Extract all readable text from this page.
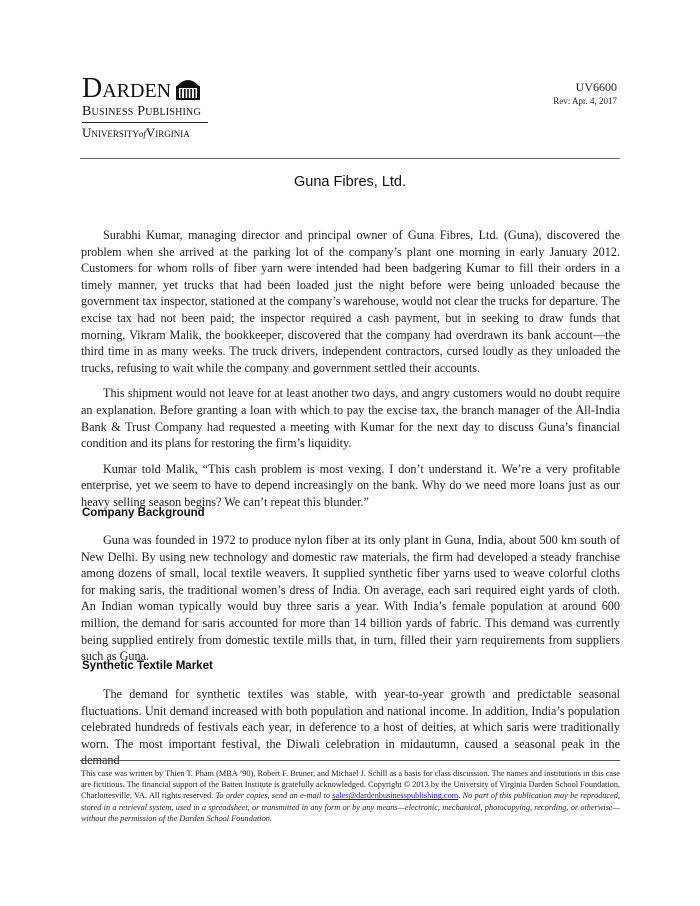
Darden
Business Publishing
UniversityofVirginia
UV6600
Rev: Apr. 4, 2017
Guna Fibres, Ltd.

Surabhi Kumar, managing director and principal owner of Guna Fibres, Ltd. (Guna), discovered the problem when she arrived at the parking lot of the company’s plant one morning in early January 2012. Customers for whom rolls of fiber yarn were intended had been badgering Kumar to fill their orders in a timely manner, yet trucks that had been loaded just the night before were being unloaded because the government tax inspector, stationed at the company’s warehouse, would not clear the trucks for departure. The excise tax had not been paid; the inspector required a cash payment, but in seeking to draw funds that morning, Vikram Malik, the bookkeeper, discovered that the company had overdrawn its bank account—the third time in as many weeks. The truck drivers, independent contractors, cursed loudly as they unloaded the trucks, refusing to wait while the company and government settled their accounts.

This shipment would not leave for at least another two days, and angry customers would no doubt require an explanation. Before granting a loan with which to pay the excise tax, the branch manager of the All-India Bank & Trust Company had requested a meeting with Kumar for the next day to discuss Guna’s financial condition and its plans for restoring the firm’s liquidity.

Kumar told Malik, “This cash problem is most vexing. I don’t understand it. We’re a very profitable enterprise, yet we seem to have to depend increasingly on the bank. Why do we need more loans just as our heavy selling season begins? We can’t repeat this blunder.”

Company Background

Guna was founded in 1972 to produce nylon fiber at its only plant in Guna, India, about 500 km south of New Delhi. By using new technology and domestic raw materials, the firm had developed a steady franchise among dozens of small, local textile weavers. It supplied synthetic fiber yarns used to weave colorful cloths for making saris, the traditional women’s dress of India. On average, each sari required eight yards of cloth. An Indian woman typically would buy three saris a year. With India’s female population at around 600 million, the demand for saris accounted for more than 14 billion yards of fabric. This demand was currently being supplied entirely from domestic textile mills that, in turn, filled their yarn requirements from suppliers such as Guna.

Synthetic Textile Market

The demand for synthetic textiles was stable, with year-to-year growth and predictable seasonal fluctuations. Unit demand increased with both population and national income. In addition, India’s population celebrated hundreds of festivals each year, in deference to a host of deities, at which saris were traditionally worn. The most important festival, the Diwali celebration in midautumn, caused a seasonal peak in the demand

This case was written by Thien T. Pham (MBA ’90), Robert F. Bruner, and Michael J. Schill as a basis for class discussion. The names and institutions in this case are fictitious. The financial support of the Batten Institute is gratefully acknowledged. Copyright © 2013 by the University of Virginia Darden School Foundation, Charlottesville, VA. All rights reserved. To order copies, send an e-mail to sales@dardenbusinesspublishing.com. No part of this publication may be reproduced, stored in a retrieval system, used in a spreadsheet, or transmitted in any form or by any means—electronic, mechanical, photocopying, recording, or otherwise—without the permission of the Darden School Foundation.
